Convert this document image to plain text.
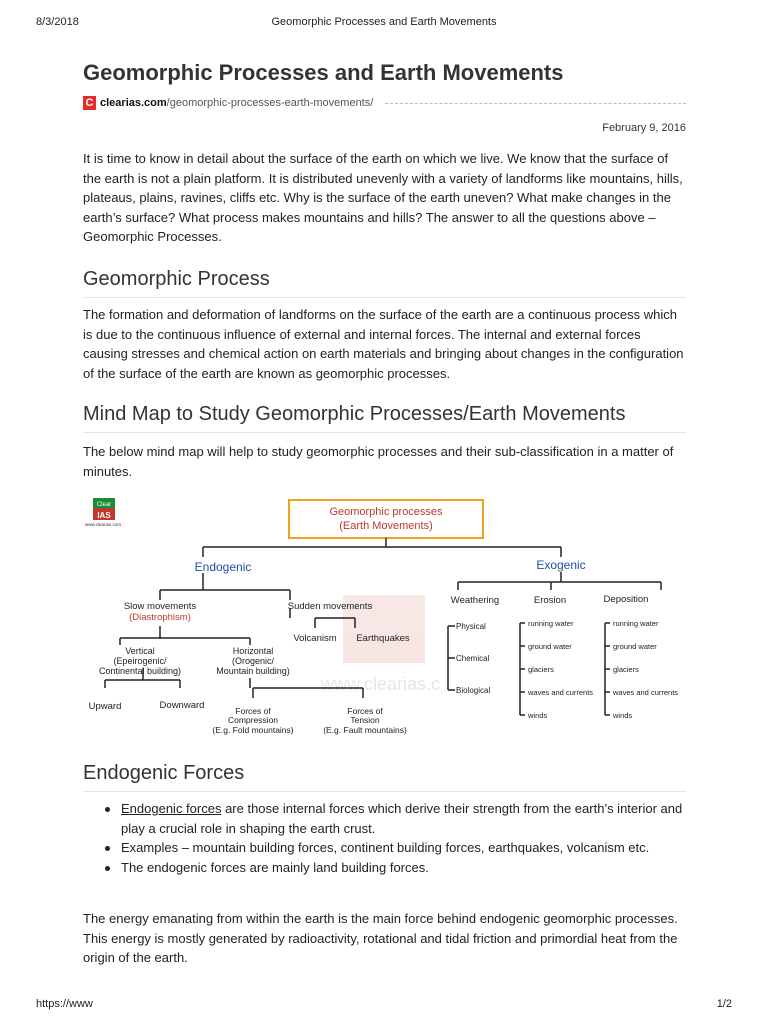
8/3/2018	Geomorphic Processes and Earth Movements
Geomorphic Processes and Earth Movements
C clearias.com/geomorphic-processes-earth-movements/
February 9, 2016

It is time to know in detail about the surface of the earth on which we live. We know that the surface of the earth is not a plain platform. It is distributed unevenly with a variety of landforms like mountains, hills, plateaus, plains, ravines, cliffs etc. Why is the surface of the earth uneven? What make changes in the earth’s surface? What process makes mountains and hills? The answer to all the questions above – Geomorphic Processes.

Geomorphic Process

The formation and deformation of landforms on the surface of the earth are a continuous process which is due to the continuous influence of external and internal forces. The internal and external forces causing stresses and chemical action on earth materials and bringing about changes in the configuration of the surface of the earth are known as geomorphic processes.

Mind Map to Study Geomorphic Processes/Earth Movements

The below mind map will help to study geomorphic processes and their sub-classification in a matter of minutes.

Endogenic Forces
Endogenic forces are those internal forces which derive their strength from the earth’s interior and play a crucial role in shaping the earth crust.
Examples – mountain building forces, continent building forces, earthquakes, volcanism etc.
The endogenic forces are mainly land building forces.

The energy emanating from within the earth is the main force behind endogenic geomorphic processes. This energy is mostly generated by radioactivity, rotational and tidal friction and primordial heat from the origin of the earth.

Clear
IAS
www.clearias.com
www.clearias.c
Geomorphic processes
(Earth Movements)
Endogenic
Slow movements
(Diastrophism)
Sudden movements
Volcanism Earthquakes
Vertical
(Epeirogenic/
Continental building)
Horizontal
(Orogenic/
Mountain building)
Upward	Downward	Forces of
Compression
(E.g. Fold mountains)
Forces of
Tension
(E.g. Fault mountains)
Exogenic
Weathering	Erosion	Deposition
Physical
Chemical
Biological
running water
ground water
glaciers
waves and currents
winds
running water
ground water
glaciers
waves and currents
winds
https://www	1/2
